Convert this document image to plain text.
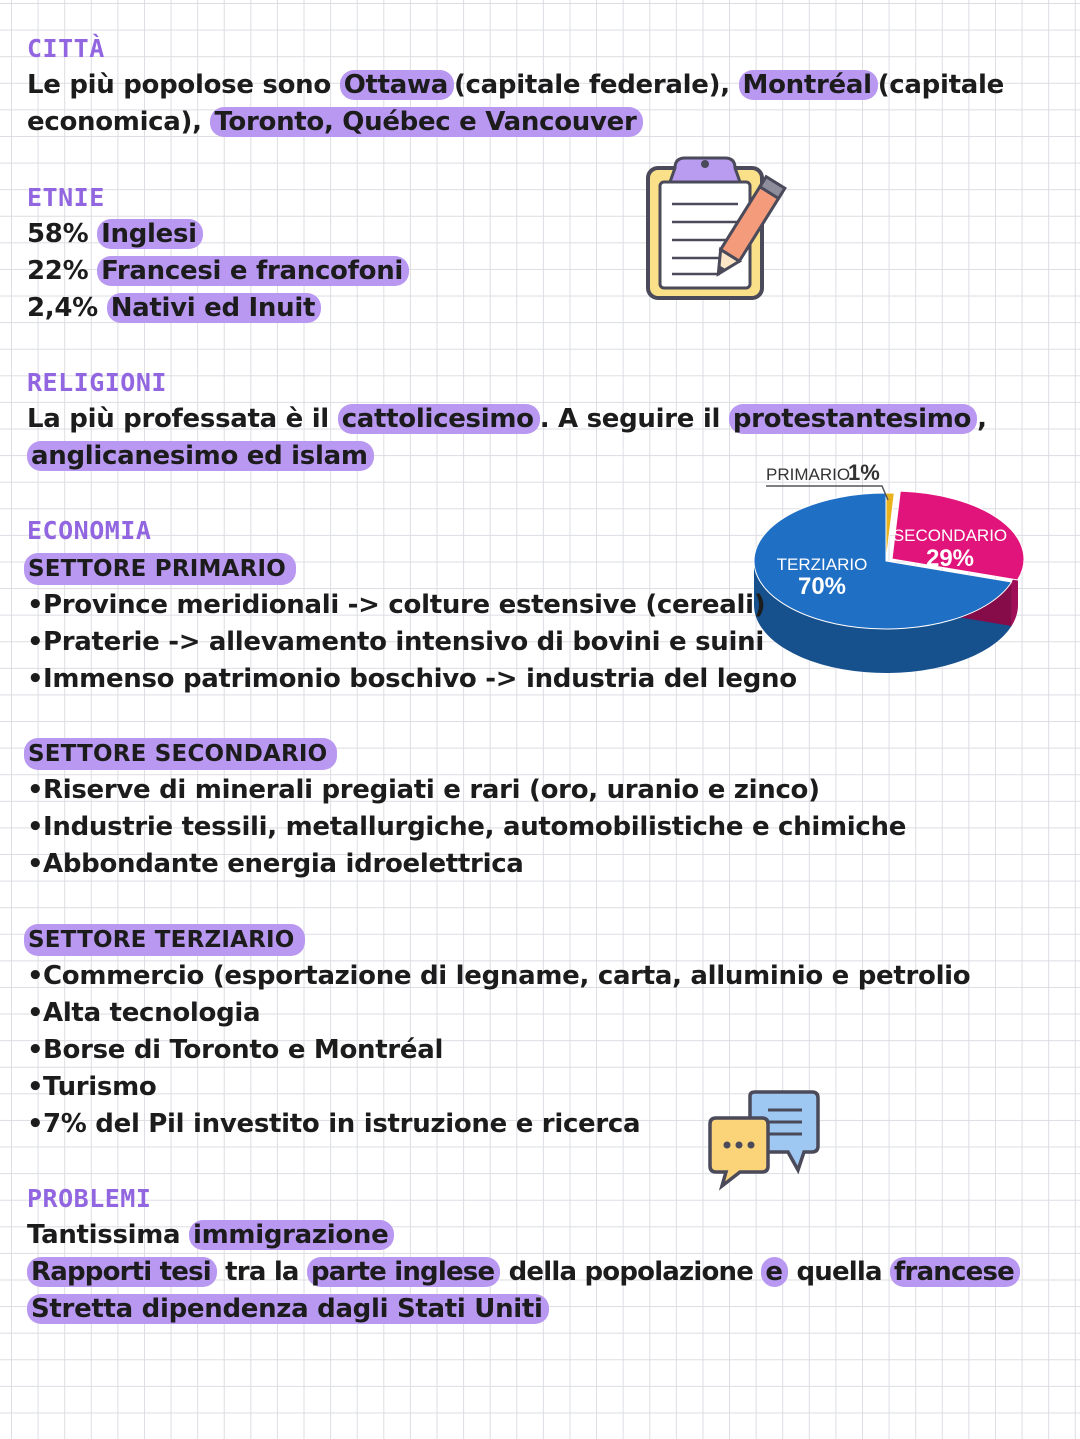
CITTÀ
Le più popolose sono Ottawa (capitale federale), Montréal (capitale
economica), Toronto, Québec e Vancouver
ETNIE
58% Inglesi
22% Francesi e francofoni
2,4% Nativi ed Inuit
RELIGIONI
La più professata è il cattolicesimo . A seguire il protestantesimo ,
anglicanesimo ed islam
TERZIARIO
70%
SECONDARIO
29%
PRIMARIO
1%
ECONOMIA
SETTORE PRIMARIO
•Province meridionali -> colture estensive (cereali)
•Praterie -> allevamento intensivo di bovini e suini
•Immenso patrimonio boschivo -> industria del legno
SETTORE SECONDARIO
•Riserve di minerali pregiati e rari (oro, uranio e zinco)
•Industrie tessili, metallurgiche, automobilistiche e chimiche
•Abbondante energia idroelettrica
SETTORE TERZIARIO
•Commercio (esportazione di legname, carta, alluminio e petrolio
•Alta tecnologia
•Borse di Toronto e Montréal
•Turismo
•7% del Pil investito in istruzione e ricerca
PROBLEMI
Tantissima immigrazione
Rapporti tesi tra la parte inglese della popolazione e quella francese
Stretta dipendenza dagli Stati Uniti
